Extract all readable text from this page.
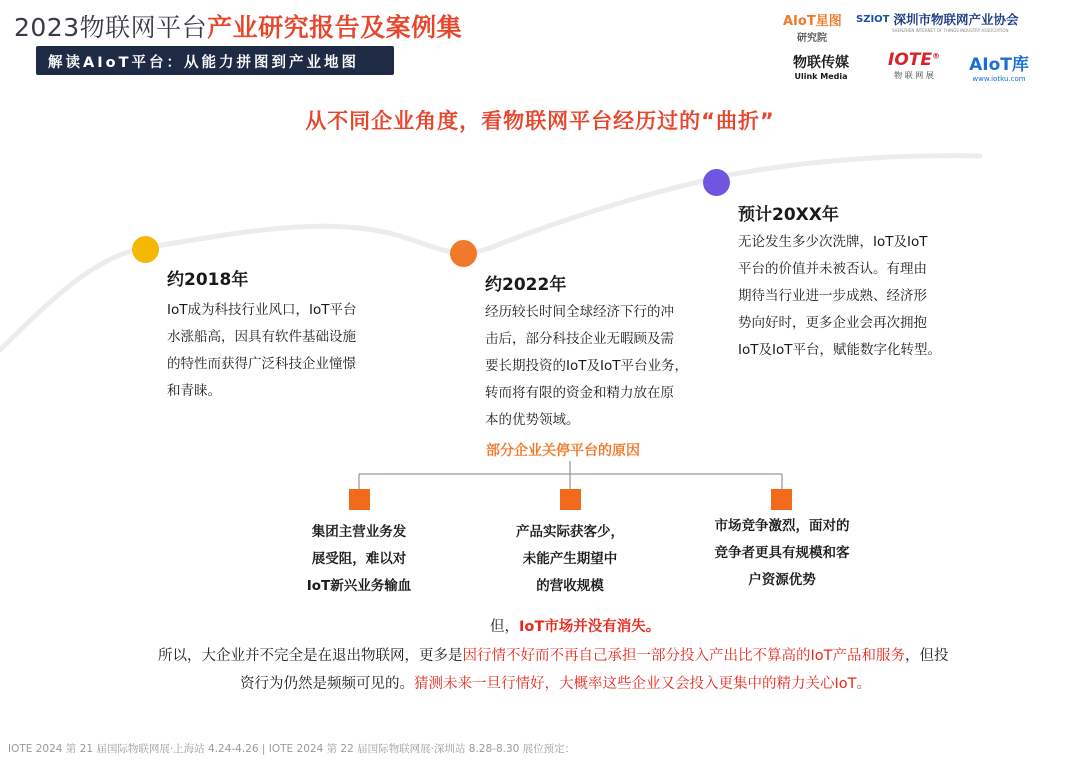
2023物联网平台产业研究报告及案例集
解读AIoT平台：从能力拼图到产业地图
AIoT星图
研究院
SZIOT 深圳市物联网产业协会
SHENZHEN INTERNET OF THINGS INDUSTRY ASSOCIATION
物联传媒
Ulink Media
IOTE®
物 联 网 展
AIoT库
www.iotku.com
从不同企业角度，看物联网平台经历过的“曲折”
约2018年
IoT成为科技行业风口，IoT平台
水涨船高，因具有软件基础设施
的特性而获得广泛科技企业憧憬
和青睐。
约2022年
经历较长时间全球经济下行的冲
击后，部分科技企业无暇顾及需
要长期投资的IoT及IoT平台业务，
转而将有限的资金和精力放在原
本的优势领域。
预计20XX年
无论发生多少次洗牌，IoT及IoT
平台的价值并未被否认。有理由
期待当行业进一步成熟、经济形
势向好时，更多企业会再次拥抱
IoT及IoT平台，赋能数字化转型。
部分企业关停平台的原因
集团主营业务发
展受阻，难以对
IoT新兴业务输血
产品实际获客少，
未能产生期望中
的营收规模
市场竞争激烈，面对的
竞争者更具有规模和客
户资源优势
但，IoT市场并没有消失。
所以，大企业并不完全是在退出物联网，更多是因行情不好而不再自己承担一部分投入产出比不算高的IoT产品和服务，但投
资行为仍然是频频可见的。猜测未来一旦行情好，大概率这些企业又会投入更集中的精力关心IoT。
IOTE 2024 第 21 届国际物联网展·上海站 4.24-4.26 | IOTE 2024 第 22 届国际物联网展·深圳站 8.28-8.30 展位预定：
